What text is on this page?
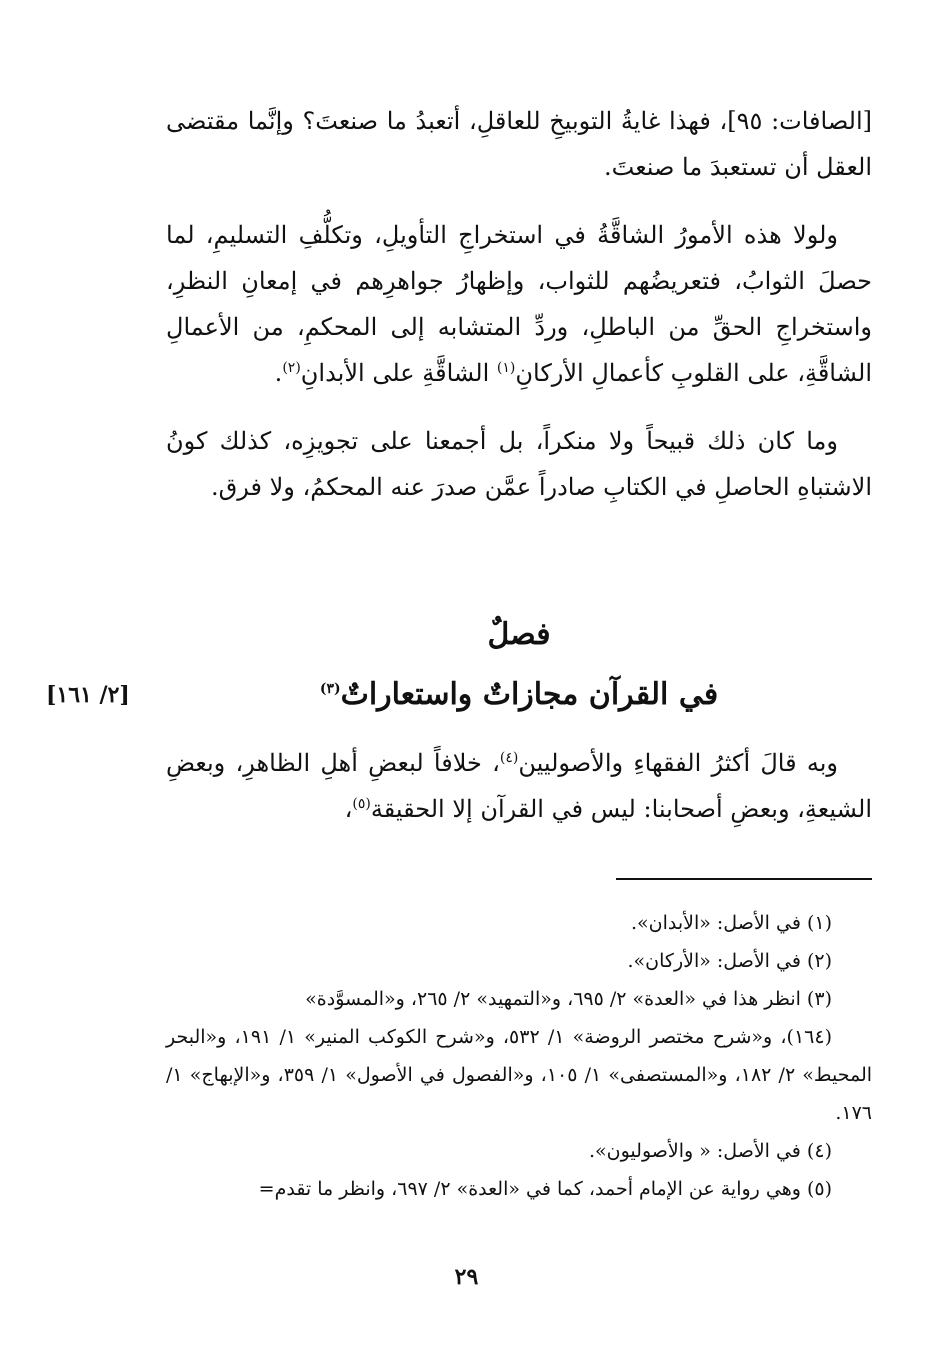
[الصافات: ٩٥]، فهذا غايةُ التوبيخِ للعاقلِ، أتعبدُ ما صنعتَ؟ وإنَّما مقتضى العقل أن تستعبدَ ما صنعتَ.

ولولا هذه الأمورُ الشاقَّةُ في استخراجِ التأويلِ، وتكلُّفِ التسليمِ، لما حصلَ الثوابُ، فتعريضُهم للثواب، وإظهارُ جواهرِهم في إمعانِ النظرِ، واستخراجِ الحقِّ من الباطلِ، وردِّ المتشابه إلى المحكمِ، من الأعمالِ الشاقَّةِ، على القلوبِ كأعمالِ الأركانِ$^{(١)}$ الشاقَّةِ على الأبدانِ$^{(٢)}$.

وما كان ذلك قبيحاً ولا منكراً، بل أجمعنا على تجويزِه، كذلك كونُ الاشتباهِ الحاصلِ في الكتابِ صادراً عمَّن صدرَ عنه المحكمُ، ولا فرق.

فصلٌ
في القرآن مجازاتٌ واستعاراتٌ$^{(٣)}$
[٢/ ١٦١]

وبه قالَ أكثرُ الفقهاءِ والأصوليين$^{(٤)}$، خلافاً لبعضِ أهلِ الظاهرِ، وبعضِ الشيعةِ، وبعضِ أصحابنا: ليس في القرآن إلا الحقيقة$^{(٥)}$،

(١) في الأصل: «الأبدان».

(٢) في الأصل: «الأركان».

(٣) انظر هذا في «العدة» ٢/ ٦٩٥، و«التمهيد» ٢/ ٢٦٥، و«المسوَّدة»

(١٦٤)، و«شرح مختصر الروضة» ١/ ٥٣٢، و«شرح الكوكب المنير» ١/ ١٩١، و«البحر المحيط» ٢/ ١٨٢، و«المستصفى» ١/ ١٠٥، و«الفصول في الأصول» ١/ ٣٥٩، و«الإبهاج» ١/ ١٧٦.

(٤) في الأصل: « والأصوليون».

(٥) وهي رواية عن الإمام أحمد، كما في «العدة» ٢/ ٦٩٧، وانظر ما تقدم=

٢٩
